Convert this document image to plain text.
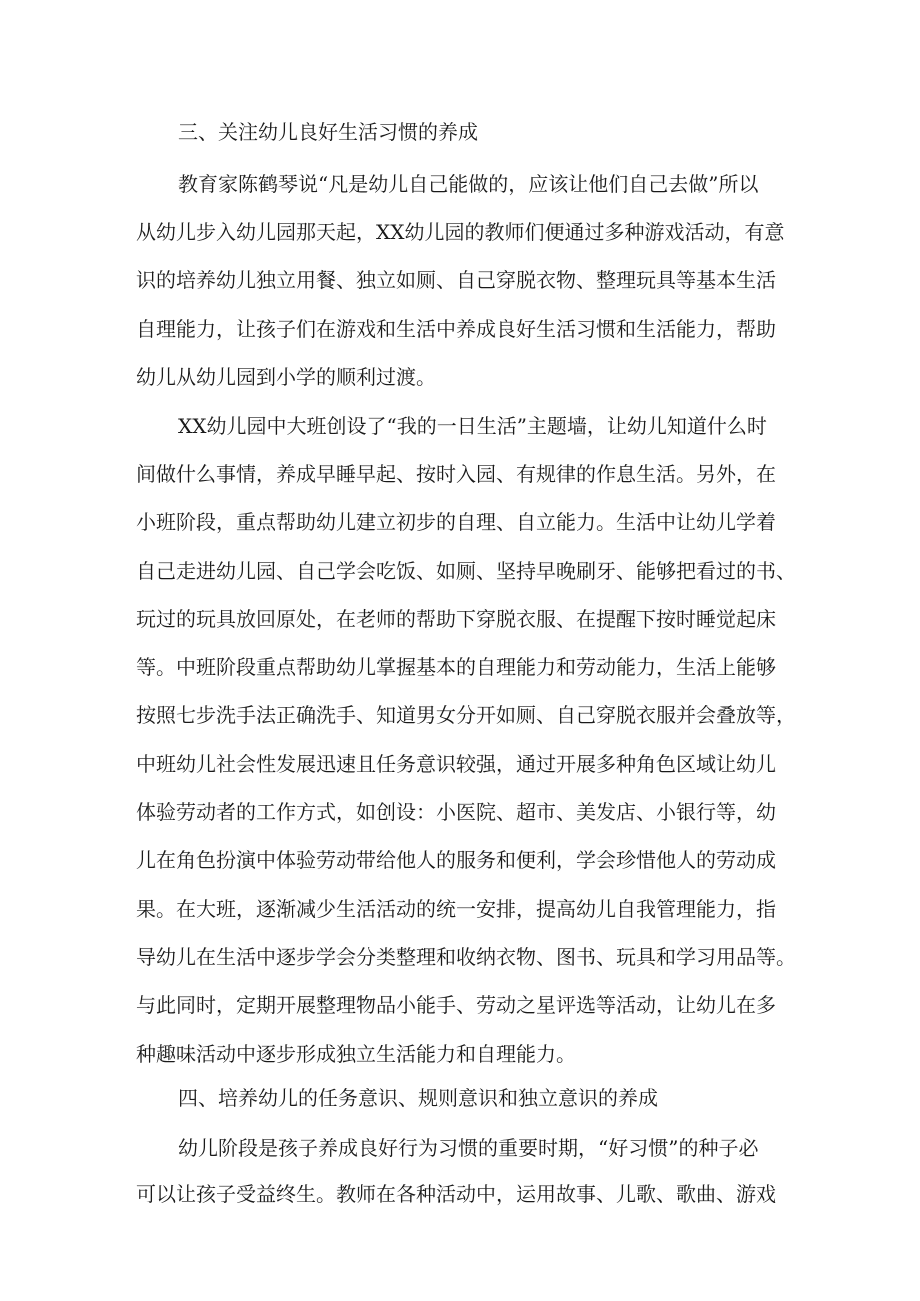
三、关注幼儿良好生活习惯的养成
教育家陈鹤琴说“凡是幼儿自己能做的，应该让他们自己去做”所以
从幼儿步入幼儿园那天起，XX幼儿园的教师们便通过多种游戏活动，有意
识的培养幼儿独立用餐、独立如厕、自己穿脱衣物、整理玩具等基本生活
自理能力，让孩子们在游戏和生活中养成良好生活习惯和生活能力，帮助
幼儿从幼儿园到小学的顺利过渡。
XX幼儿园中大班创设了“我的一日生活”主题墙，让幼儿知道什么时
间做什么事情，养成早睡早起、按时入园、有规律的作息生活。另外，在
小班阶段，重点帮助幼儿建立初步的自理、自立能力。生活中让幼儿学着
自己走进幼儿园、自己学会吃饭、如厕、坚持早晚刷牙、能够把看过的书、
玩过的玩具放回原处，在老师的帮助下穿脱衣服、在提醒下按时睡觉起床
等。中班阶段重点帮助幼儿掌握基本的自理能力和劳动能力，生活上能够
按照七步洗手法正确洗手、知道男女分开如厕、自己穿脱衣服并会叠放等，
中班幼儿社会性发展迅速且任务意识较强，通过开展多种角色区域让幼儿
体验劳动者的工作方式，如创设：小医院、超市、美发店、小银行等，幼
儿在角色扮演中体验劳动带给他人的服务和便利，学会珍惜他人的劳动成
果。在大班，逐渐减少生活活动的统一安排，提高幼儿自我管理能力，指
导幼儿在生活中逐步学会分类整理和收纳衣物、图书、玩具和学习用品等。
与此同时，定期开展整理物品小能手、劳动之星评选等活动，让幼儿在多
种趣味活动中逐步形成独立生活能力和自理能力。
四、培养幼儿的任务意识、规则意识和独立意识的养成
幼儿阶段是孩子养成良好行为习惯的重要时期，“好习惯”的种子必
可以让孩子受益终生。教师在各种活动中，运用故事、儿歌、歌曲、游戏
